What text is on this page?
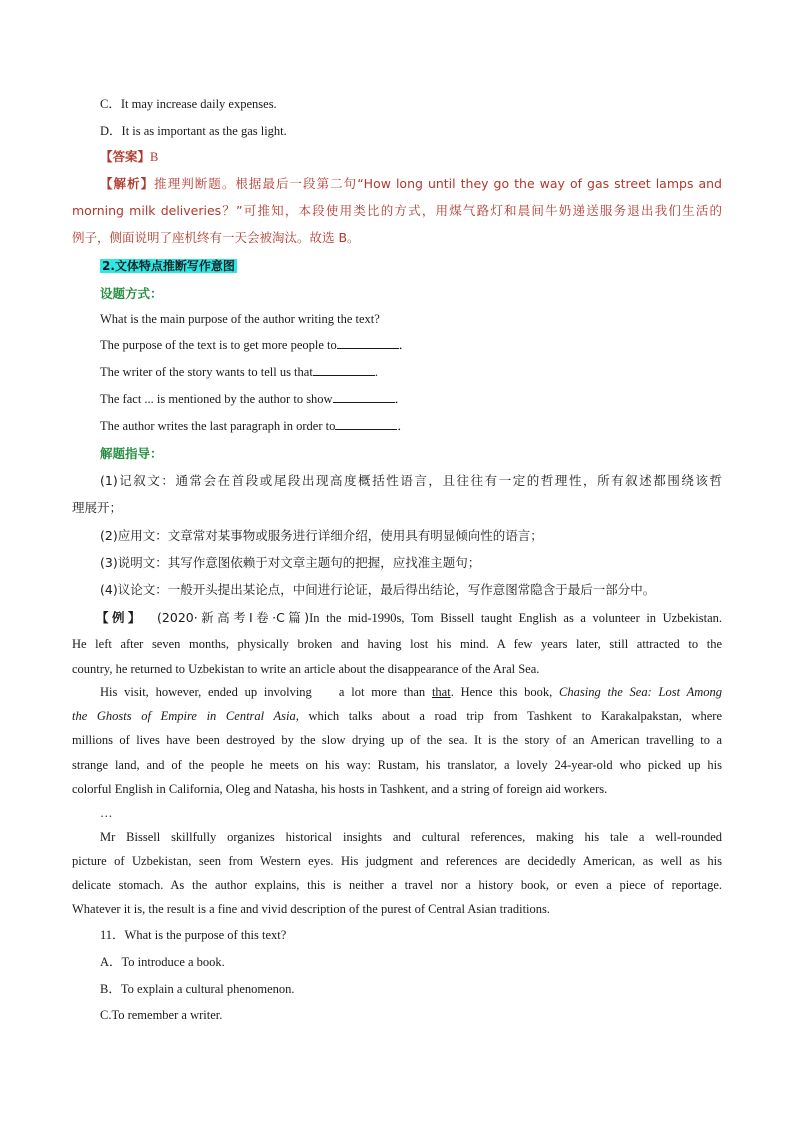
C．It may increase daily expenses.
D．It is as important as the gas light.
【答案】B
【解析】推理判断题。根据最后一段第二句“How long until they go the way of gas street lamps and
morning milk deliveries？”可推知，本段使用类比的方式，用煤气路灯和晨间牛奶递送服务退出我们生活的
例子，侧面说明了座机终有一天会被淘汰。故选 B。
2.文体特点推断写作意图
设题方式：
What is the main purpose of the author writing the text?
The purpose of the text is to get more people to	．
The writer of the story wants to tell us that	.
The fact ... is mentioned by the author to show	．
The author writes the last paragraph in order to	．
解题指导：
(1)记叙文：通常会在首段或尾段出现高度概括性语言，且往往有一定的哲理性，所有叙述都围绕该哲
理展开；
(2)应用文：文章常对某事物或服务进行详细介绍，使用具有明显倾向性的语言；
(3)说明文：其写作意图依赖于对文章主题句的把握，应找准主题句；
(4)议论文：一般开头提出某论点，中间进行论证，最后得出结论，写作意图常隐含于最后一部分中。
【例】 (2020·新高考Ⅰ卷·C篇)In the mid-1990s, Tom Bissell taught English as a volunteer in Uzbekistan.
He left after seven months, physically broken and having lost his mind. A few years later, still attracted to the
country, he returned to Uzbekistan to write an article about the disappearance of the Aral Sea.
His visit, however, ended up involving a lot more than that. Hence this book, Chasing the Sea: Lost Among
the Ghosts of Empire in Central Asia, which talks about a road trip from Tashkent to Karakalpakstan, where
millions of lives have been destroyed by the slow drying up of the sea. It is the story of an American travelling to a
strange land, and of the people he meets on his way: Rustam, his translator, a lovely 24-year-old who picked up his
colorful English in California, Oleg and Natasha, his hosts in Tashkent, and a string of foreign aid workers.
…
Mr Bissell skillfully organizes historical insights and cultural references, making his tale a well-rounded
picture of Uzbekistan, seen from Western eyes. His judgment and references are decidedly American, as well as his
delicate stomach. As the author explains, this is neither a travel nor a history book, or even a piece of reportage.
Whatever it is, the result is a fine and vivid description of the purest of Central Asian traditions.
11．What is the purpose of this text?
A．To introduce a book.
B．To explain a cultural phenomenon.
C.To remember a writer.
